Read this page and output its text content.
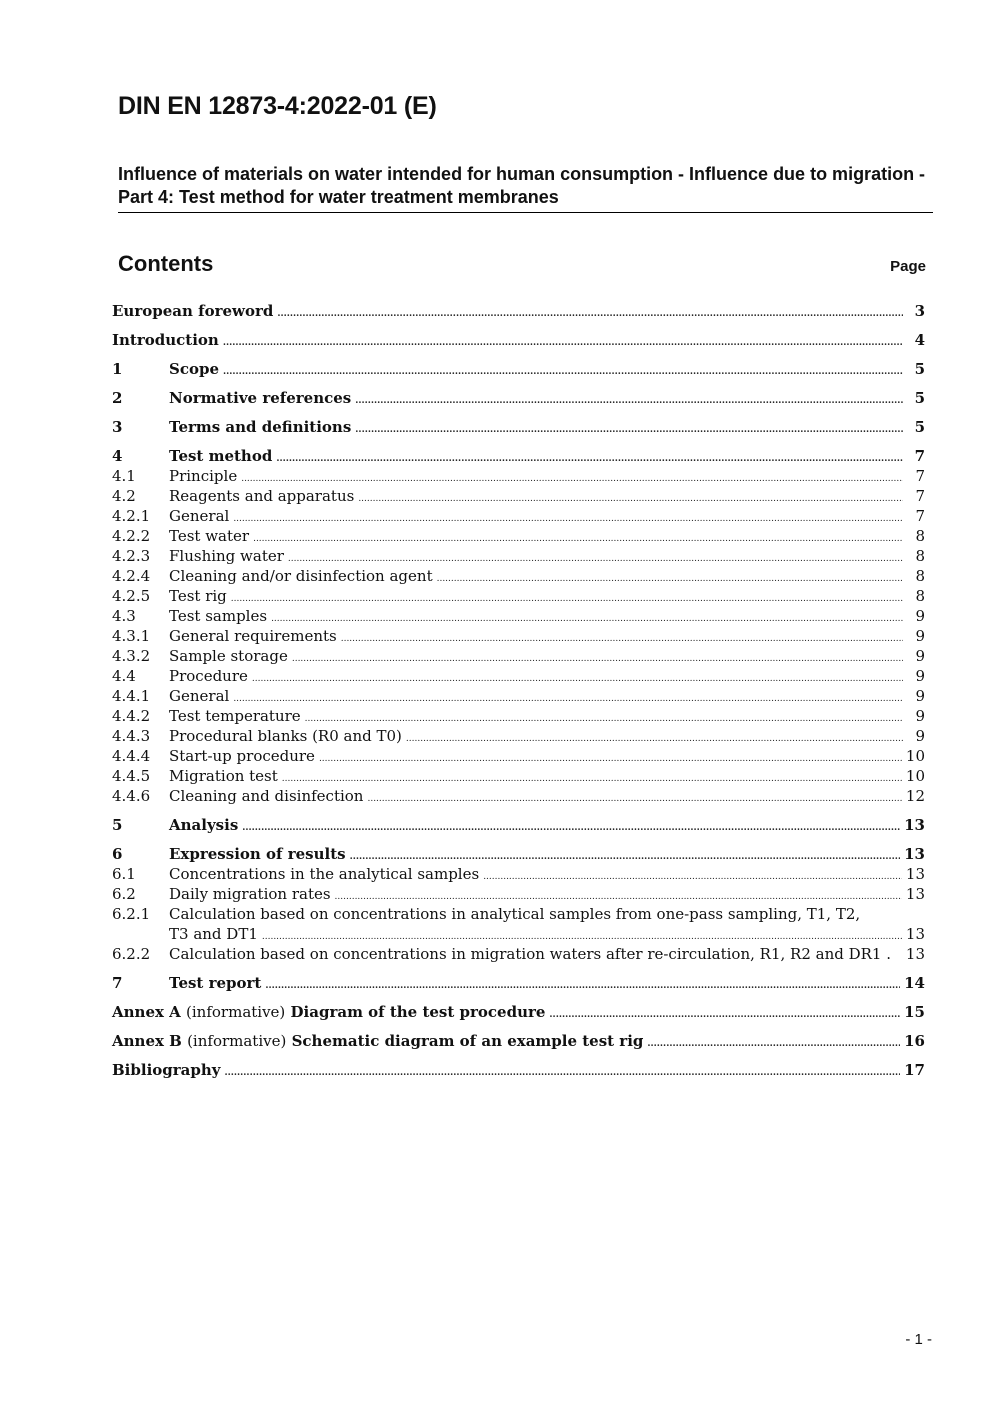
DIN EN 12873-4:2022-01 (E)
Influence of materials on water intended for human consumption - Influence due to migration - Part 4: Test method for water treatment membranes
Contents	Page
European foreword .....	3
Introduction .....	4
1	Scope .....	5
2	Normative references .....	5
3	Terms and definitions .....	5
4	Test method .....	7
4.1	Principle .....	7
4.2	Reagents and apparatus .....	7
4.2.1	General .....	7
4.2.2	Test water .....	8
4.2.3	Flushing water .....	8
4.2.4	Cleaning and/or disinfection agent .....	8
4.2.5	Test rig .....	8
4.3	Test samples .....	9
4.3.1	General requirements .....	9
4.3.2	Sample storage .....	9
4.4	Procedure .....	9
4.4.1	General .....	9
4.4.2	Test temperature .....	9
4.4.3	Procedural blanks (R0 and T0) .....	9
4.4.4	Start-up procedure .....	10
4.4.5	Migration test .....	10
4.4.6	Cleaning and disinfection .....	12
5	Analysis .....	13
6	Expression of results .....	13
6.1	Concentrations in the analytical samples .....	13
6.2	Daily migration rates .....	13
6.2.1	Calculation based on concentrations in analytical samples from one-pass sampling, T1, T2,
T3 and DT1 .....	13
6.2.2	Calculation based on concentrations in migration waters after re-circulation, R1, R2 and DR1 . 13
7	Test report .....	14
Annex A (informative) Diagram of the test procedure .....	15
Annex B (informative) Schematic diagram of an example test rig .....	16
Bibliography .....	17
- 1 -
